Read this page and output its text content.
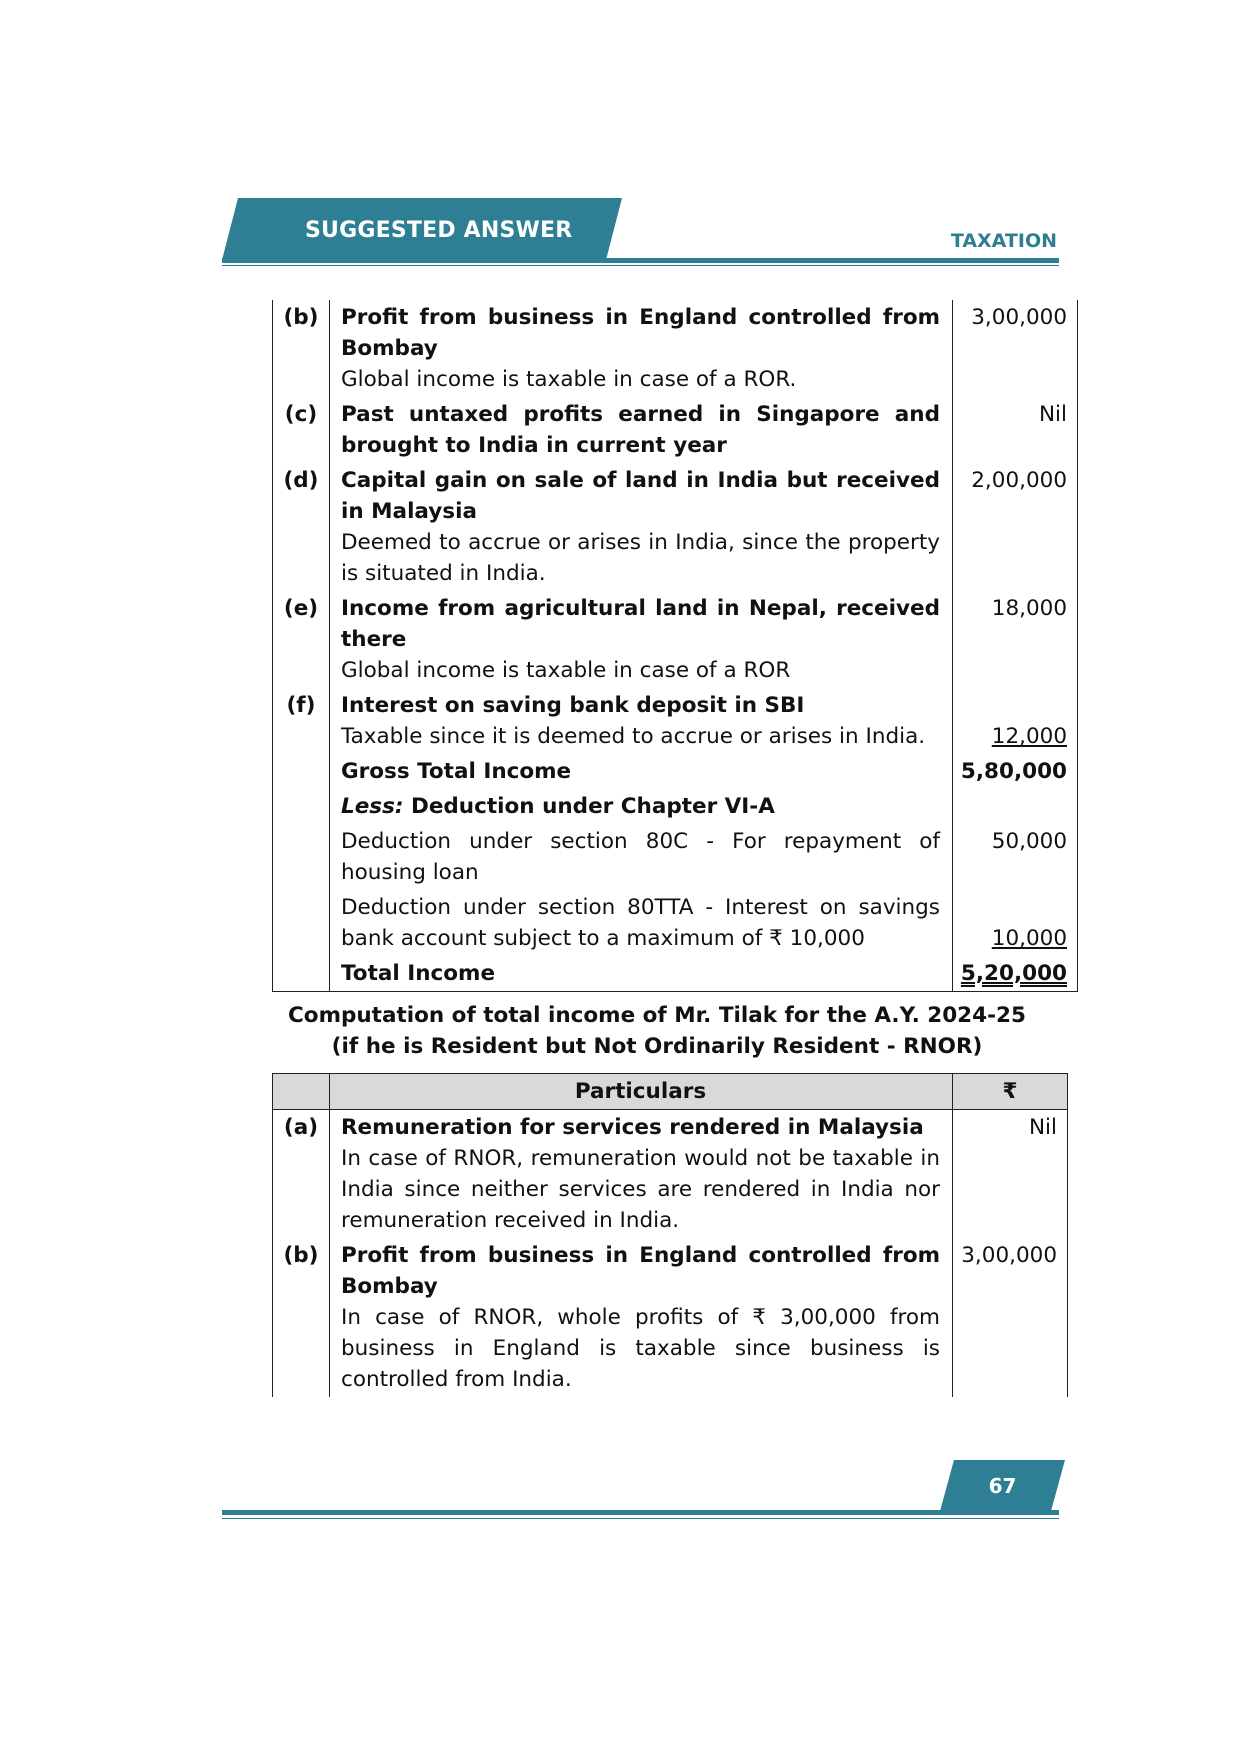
SUGGESTED ANSWER	TAXATION
(b)	Profit from business in England controlled from Bombay
Global income is taxable in case of a ROR.	3,00,000
(c)	Past untaxed profits earned in Singapore and brought to India in current year	Nil
(d)	Capital gain on sale of land in India but received in Malaysia
Deemed to accrue or arises in India, since the property is situated in India.	2,00,000
(e)	Income from agricultural land in Nepal, received there
Global income is taxable in case of a ROR	18,000
(f)	Interest on saving bank deposit in SBI
Taxable since it is deemed to accrue or arises in India.	12,000
	Gross Total Income	5,80,000
	Less: Deduction under Chapter VI-A	
	Deduction under section 80C - For repayment of housing loan	50,000
	Deduction under section 80TTA - Interest on savings bank account subject to a maximum of ₹ 10,000	10,000
	Total Income	5,20,000
Computation of total income of Mr. Tilak for the A.Y. 2024-25
(if he is Resident but Not Ordinarily Resident - RNOR)
	Particulars	₹
(a)	Remuneration for services rendered in Malaysia
In case of RNOR, remuneration would not be taxable in India since neither services are rendered in India nor remuneration received in India.	Nil
(b)	Profit from business in England controlled from Bombay
In case of RNOR, whole profits of ₹ 3,00,000 from business in England is taxable since business is controlled from India.	3,00,000
67
